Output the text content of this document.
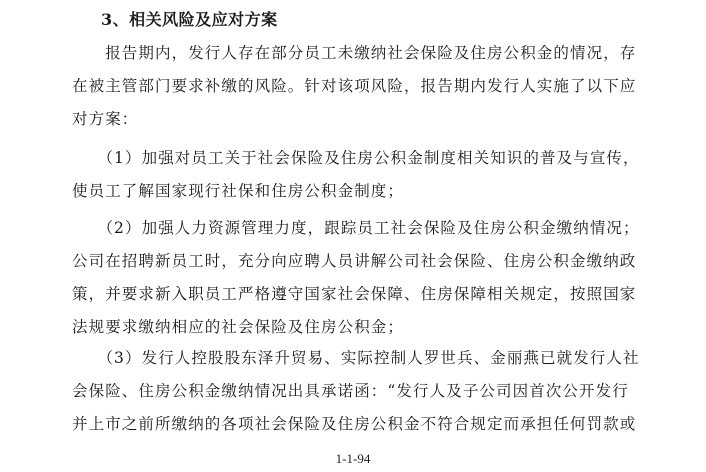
3、相关风险及应对方案
　　报告期内，发行人存在部分员工未缴纳社会保险及住房公积金的情况，存
在被主管部门要求补缴的风险。针对该项风险，报告期内发行人实施了以下应
对方案：
　　（1）加强对员工关于社会保险及住房公积金制度相关知识的普及与宣传，
使员工了解国家现行社保和住房公积金制度；
　　（2）加强人力资源管理力度，跟踪员工社会保险及住房公积金缴纳情况；
公司在招聘新员工时，充分向应聘人员讲解公司社会保险、住房公积金缴纳政
策，并要求新入职员工严格遵守国家社会保障、住房保障相关规定，按照国家
法规要求缴纳相应的社会保险及住房公积金；
　　（3）发行人控股股东泽升贸易、实际控制人罗世兵、金丽燕已就发行人社
会保险、住房公积金缴纳情况出具承诺函：“发行人及子公司因首次公开发行
并上市之前所缴纳的各项社会保险及住房公积金不符合规定而承担任何罚款或
1-1-94
